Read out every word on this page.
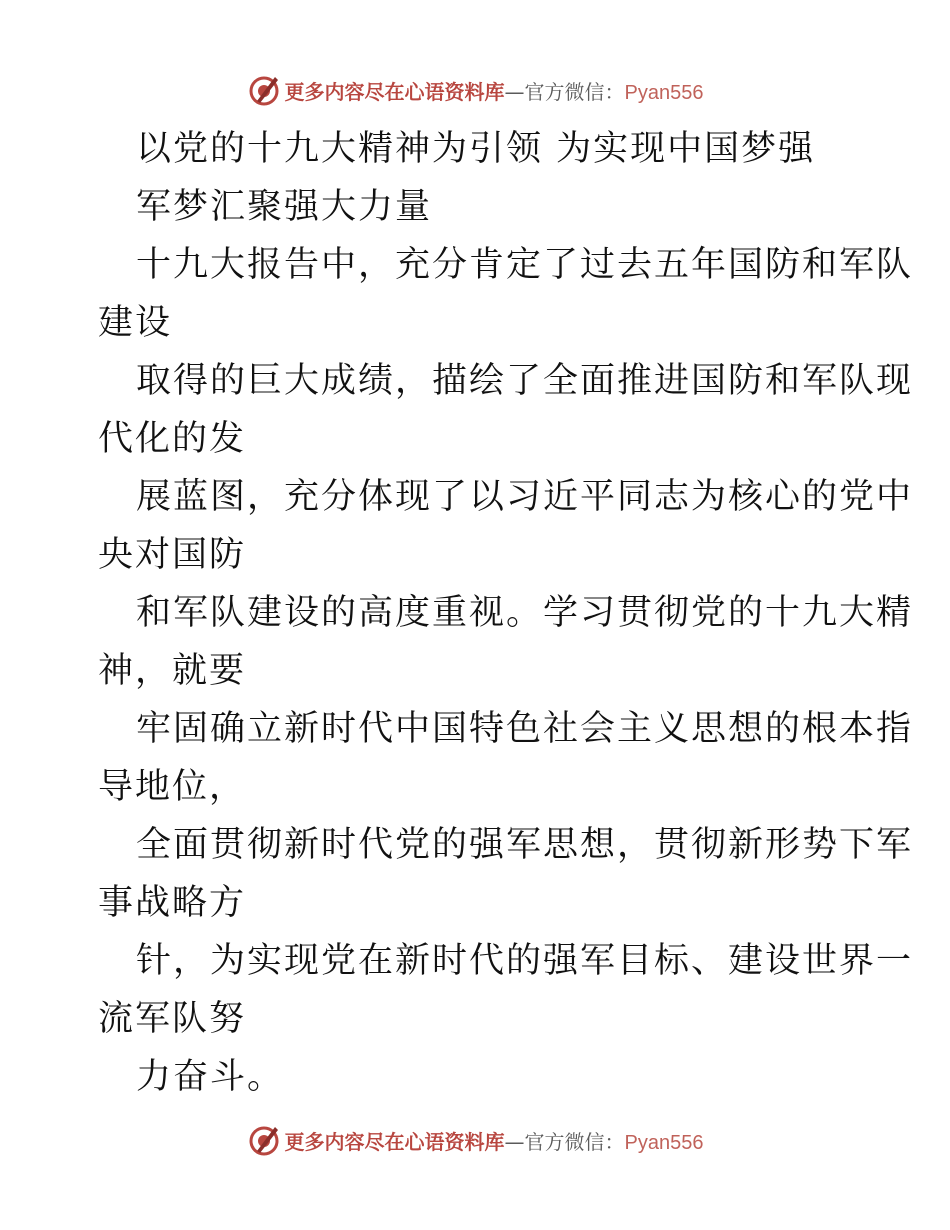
更多内容尽在心语资料库—官方微信：Pyan556
以党的十九大精神为引领 为实现中国梦强
军梦汇聚强大力量
十九大报告中，充分肯定了过去五年国防和军队
建设
取得的巨大成绩，描绘了全面推进国防和军队现
代化的发
展蓝图，充分体现了以习近平同志为核心的党中
央对国防
和军队建设的高度重视。学习贯彻党的十九大精
神，就要
牢固确立新时代中国特色社会主义思想的根本指
导地位，
全面贯彻新时代党的强军思想，贯彻新形势下军
事战略方
针，为实现党在新时代的强军目标、建设世界一
流军队努
力奋斗。
更多内容尽在心语资料库—官方微信：Pyan556
